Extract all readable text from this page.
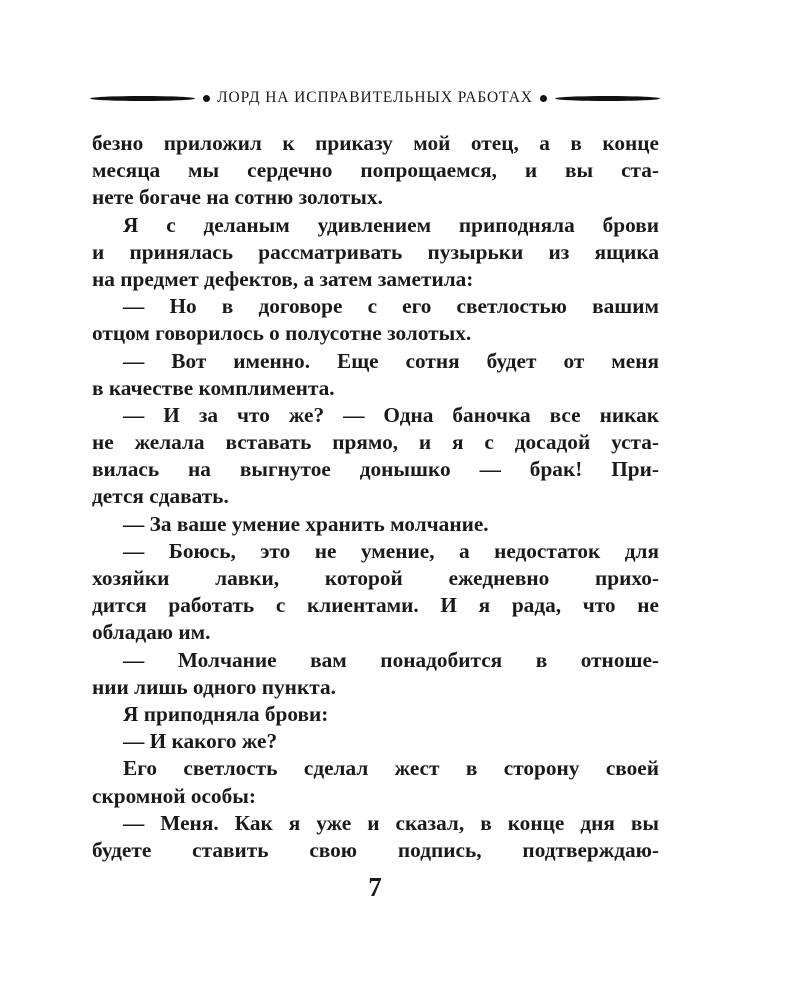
ЛОРД НА ИСПРАВИТЕЛЬНЫХ РАБОТАХ
безно приложил к приказу мой отец, а в конце
месяца мы сердечно попрощаемся, и вы ста-
нете богаче на сотню золотых.
Я с деланым удивлением приподняла брови
и принялась рассматривать пузырьки из ящика
на предмет дефектов, а затем заметила:
— Но в договоре с его светлостью вашим
отцом говорилось о полусотне золотых.
— Вот именно. Еще сотня будет от меня
в качестве комплимента.
— И за что же? — Одна баночка все никак
не желала вставать прямо, и я с досадой уста-
вилась на выгнутое донышко — брак! При-
дется сдавать.
— За ваше умение хранить молчание.
— Боюсь, это не умение, а недостаток для
хозяйки лавки, которой ежедневно прихо-
дится работать с клиентами. И я рада, что не
обладаю им.
— Молчание вам понадобится в отноше-
нии лишь одного пункта.
Я приподняла брови:
— И какого же?
Его светлость сделал жест в сторону своей
скромной особы:
— Меня. Как я уже и сказал, в конце дня вы
будете ставить свою подпись, подтверждаю-
7
